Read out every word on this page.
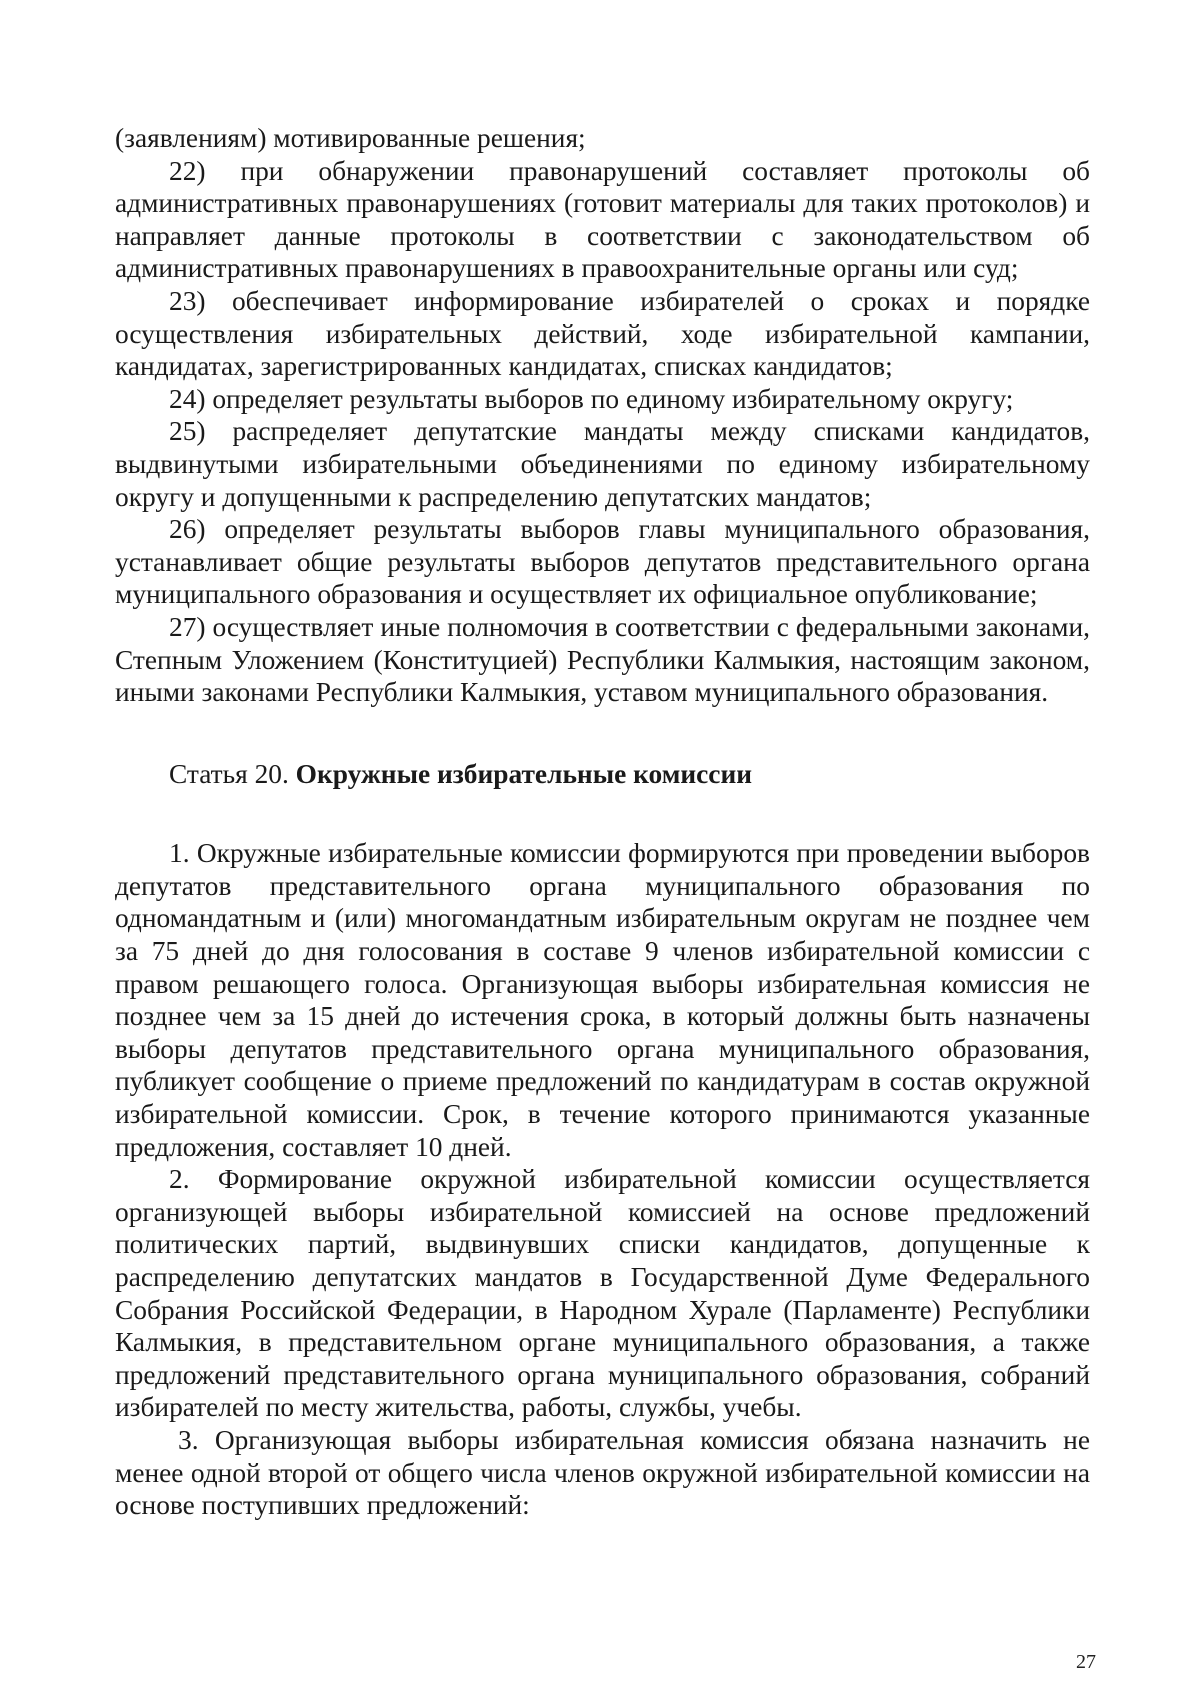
(заявлениям) мотивированные решения;

22) при обнаружении правонарушений составляет протоколы об административных правонарушениях (готовит материалы для таких протоколов) и направляет данные протоколы в соответствии с законодательством об административных правонарушениях в правоохранительные органы или суд;

23) обеспечивает информирование избирателей о сроках и порядке осуществления избирательных действий, ходе избирательной кампании, кандидатах, зарегистрированных кандидатах, списках кандидатов;

24) определяет результаты выборов по единому избирательному округу;

25) распределяет депутатские мандаты между списками кандидатов, выдвинутыми избирательными объединениями по единому избирательному округу и допущенными к распределению депутатских мандатов;

26) определяет результаты выборов главы муниципального образования, устанавливает общие результаты выборов депутатов представительного органа муниципального образования и осуществляет их официальное опубликование;

27) осуществляет иные полномочия в соответствии с федеральными законами, Степным Уложением (Конституцией) Республики Калмыкия, настоящим законом, иными законами Республики Калмыкия, уставом муниципального образования.

Статья 20. Окружные избирательные комиссии

1. Окружные избирательные комиссии формируются при проведении выборов депутатов представительного органа муниципального образования по одномандатным и (или) многомандатным избирательным округам не позднее чем за 75 дней до дня голосования в составе 9 членов избирательной комиссии с правом решающего голоса. Организующая выборы избирательная комиссия не позднее чем за 15 дней до истечения срока, в который должны быть назначены выборы депутатов представительного органа муниципального образования, публикует сообщение о приеме предложений по кандидатурам в состав окружной избирательной комиссии. Срок, в течение которого принимаются указанные предложения, составляет 10 дней.

2. Формирование окружной избирательной комиссии осуществляется организующей выборы избирательной комиссией на основе предложений политических партий, выдвинувших списки кандидатов, допущенные к распределению депутатских мандатов в Государственной Думе Федерального Собрания Российской Федерации, в Народном Хурале (Парламенте) Республики Калмыкия, в представительном органе муниципального образования, а также предложений представительного органа муниципального образования, собраний избирателей по месту жительства, работы, службы, учебы.

3. Организующая выборы избирательная комиссия обязана назначить не менее одной второй от общего числа членов окружной избирательной комиссии на основе поступивших предложений:

27
